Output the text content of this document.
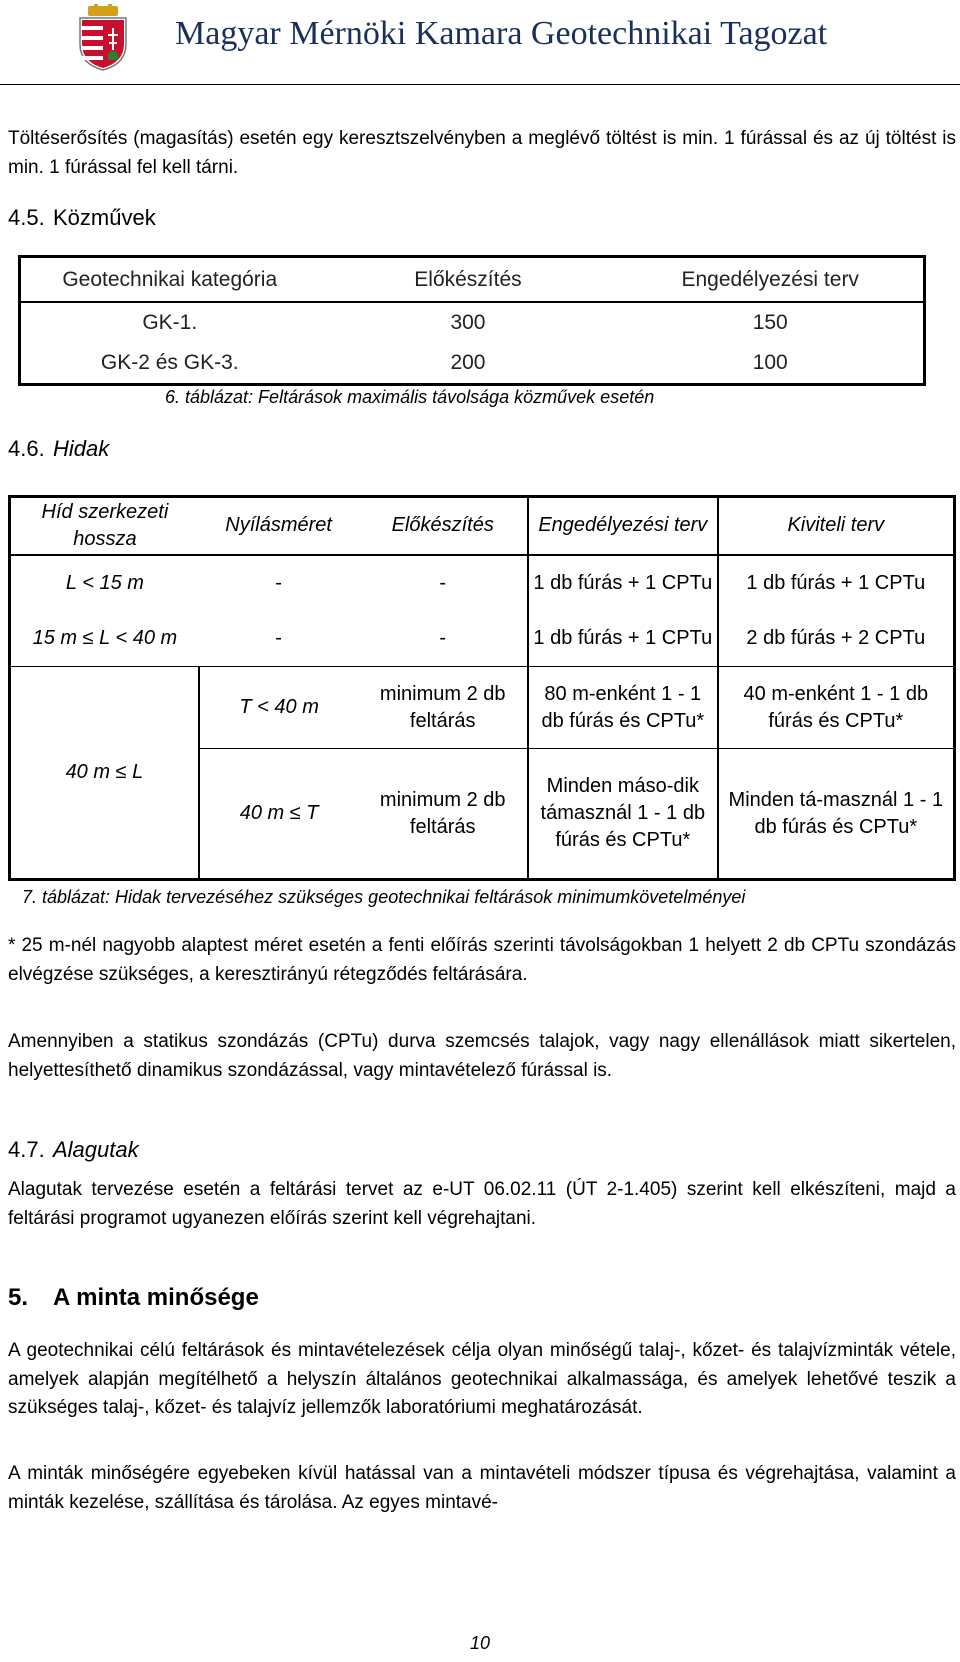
Magyar Mérnöki Kamara Geotechnikai Tagozat

Töltéserősítés (magasítás) esetén egy keresztszelvényben a meglévő töltést is min. 1 fúrással és az új töltést is min. 1 fúrással fel kell tárni.

4.5. Közművek
Geotechnikai kategória	Előkészítés	Engedélyezési terv
GK-1.	300	150
GK-2 és GK-3.	200	100
6. táblázat: Feltárások maximális távolsága közművek esetén
4.6. Hidak
Híd szerkezeti hossza	Nyílásméret	Előkészítés	Engedélyezési terv	Kiviteli terv
L < 15 m	-	-	1 db fúrás + 1 CPTu	1 db fúrás + 1 CPTu
15 m ≤ L < 40 m	-	-	1 db fúrás + 1 CPTu	2 db fúrás + 2 CPTu
40 m ≤ L	T < 40 m	minimum 2 db feltárás	80 m-enként 1 - 1 db fúrás és CPTu*	40 m-enként 1 - 1 db fúrás és CPTu*
	40 m ≤ T	minimum 2 db feltárás	Minden máso-dik támasznál 1 - 1 db fúrás és CPTu*	Minden tá-masznál 1 - 1 db fúrás és CPTu*
7. táblázat: Hidak tervezéséhez szükséges geotechnikai feltárások minimumkövetelményei

* 25 m-nél nagyobb alaptest méret esetén a fenti előírás szerinti távolságokban 1 helyett 2 db CPTu szondázás elvégzése szükséges, a keresztirányú rétegződés feltárására.

Amennyiben a statikus szondázás (CPTu) durva szemcsés talajok, vagy nagy ellenállások miatt sikertelen, helyettesíthető dinamikus szondázással, vagy mintavételező fúrással is.

4.7. Alagutak

Alagutak tervezése esetén a feltárási tervet az e-UT 06.02.11 (ÚT 2-1.405) szerint kell elkészíteni, majd a feltárási programot ugyanezen előírás szerint kell végrehajtani.

5. A minta minősége

A geotechnikai célú feltárások és mintavételezések célja olyan minőségű talaj-, kőzet- és talajvízminták vétele, amelyek alapján megítélhető a helyszín általános geotechnikai alkalmassága, és amelyek lehetővé teszik a szükséges talaj-, kőzet- és talajvíz jellemzők laboratóriumi meghatározását.

A minták minőségére egyebeken kívül hatással van a mintavételi módszer típusa és végrehajtása, valamint a minták kezelése, szállítása és tárolása. Az egyes mintavé-

10
